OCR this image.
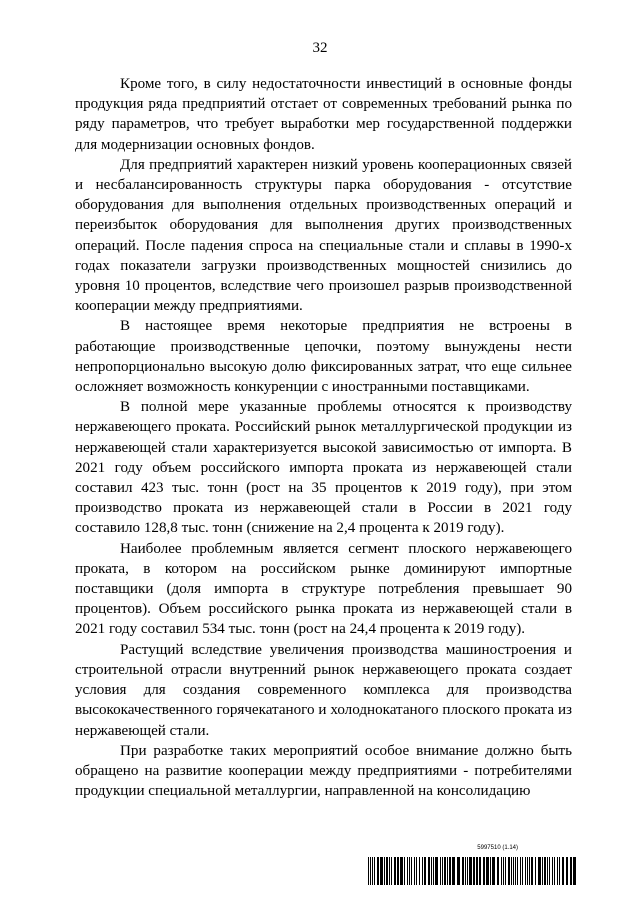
32

Кроме того, в силу недостаточности инвестиций в основные фонды продукция ряда предприятий отстает от современных требований рынка по ряду параметров, что требует выработки мер государственной поддержки для модернизации основных фондов.

Для предприятий характерен низкий уровень кооперационных связей и несбалансированность структуры парка оборудования - отсутствие оборудования для выполнения отдельных производственных операций и переизбыток оборудования для выполнения других производственных операций. После падения спроса на специальные стали и сплавы в 1990-х годах показатели загрузки производственных мощностей снизились до уровня 10 процентов, вследствие чего произошел разрыв производственной кооперации между предприятиями.

В настоящее время некоторые предприятия не встроены в работающие производственные цепочки, поэтому вынуждены нести непропорционально высокую долю фиксированных затрат, что еще сильнее осложняет возможность конкуренции с иностранными поставщиками.

В полной мере указанные проблемы относятся к производству нержавеющего проката. Российский рынок металлургической продукции из нержавеющей стали характеризуется высокой зависимостью от импорта. В 2021 году объем российского импорта проката из нержавеющей стали составил 423 тыс. тонн (рост на 35 процентов к 2019 году), при этом производство проката из нержавеющей стали в России в 2021 году составило 128,8 тыс. тонн (снижение на 2,4 процента к 2019 году).

Наиболее проблемным является сегмент плоского нержавеющего проката, в котором на российском рынке доминируют импортные поставщики (доля импорта в структуре потребления превышает 90 процентов). Объем российского рынка проката из нержавеющей стали в 2021 году составил 534 тыс. тонн (рост на 24,4 процента к 2019 году).

Растущий вследствие увеличения производства машиностроения и строительной отрасли внутренний рынок нержавеющего проката создает условия для создания современного комплекса для производства высококачественного горячекатаного и холоднокатаного плоского проката из нержавеющей стали.

При разработке таких мероприятий особое внимание должно быть обращено на развитие кооперации между предприятиями - потребителями продукции специальной металлургии, направленной на консолидацию

5997510 (1.14)
